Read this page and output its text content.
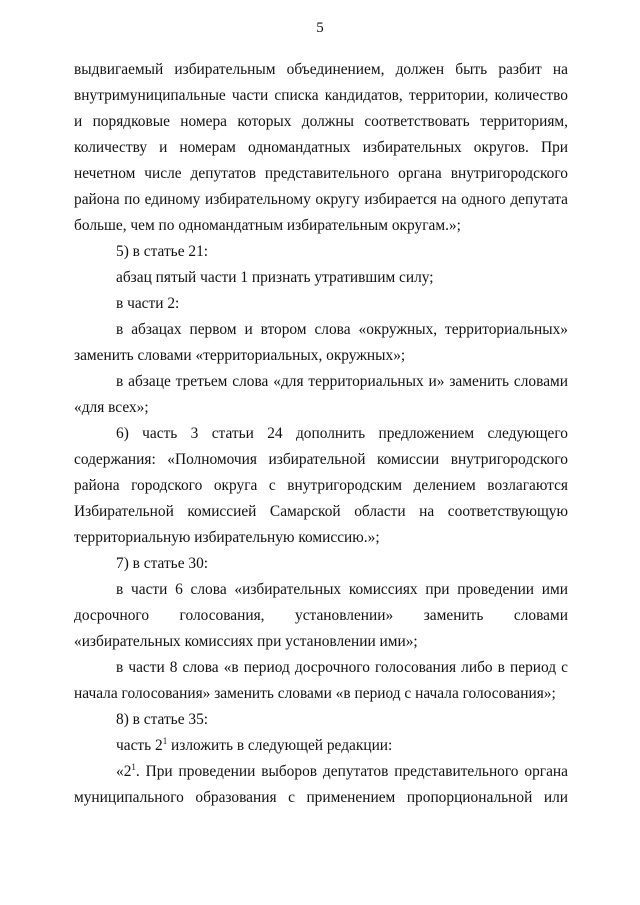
5

выдвигаемый избирательным объединением, должен быть разбит на внутримуниципальные части списка кандидатов, территории, количество и порядковые номера которых должны соответствовать территориям, количеству и номерам одномандатных избирательных округов. При нечетном числе депутатов представительного органа внутригородского района по единому избирательному округу избирается на одного депутата больше, чем по одномандатным избирательным округам.»;

5) в статье 21:

абзац пятый части 1 признать утратившим силу;

в части 2:

в абзацах первом и втором слова «окружных, территориальных» заменить словами «территориальных, окружных»;

в абзаце третьем слова «для территориальных и» заменить словами «для всех»;

6) часть 3 статьи 24 дополнить предложением следующего содержания: «Полномочия избирательной комиссии внутригородского района городского округа с внутригородским делением возлагаются Избирательной комиссией Самарской области на соответствующую территориальную избирательную комиссию.»;

7) в статье 30:

в части 6 слова «избирательных комиссиях при проведении ими досрочного голосования, установлении» заменить словами «избирательных комиссиях при установлении ими»;

в части 8 слова «в период досрочного голосования либо в период с начала голосования» заменить словами «в период с начала голосования»;

8) в статье 35:

часть $2^1$ изложить в следующей редакции:

«$2^1$. При проведении выборов депутатов представительного органа муниципального образования с применением пропорциональной или
